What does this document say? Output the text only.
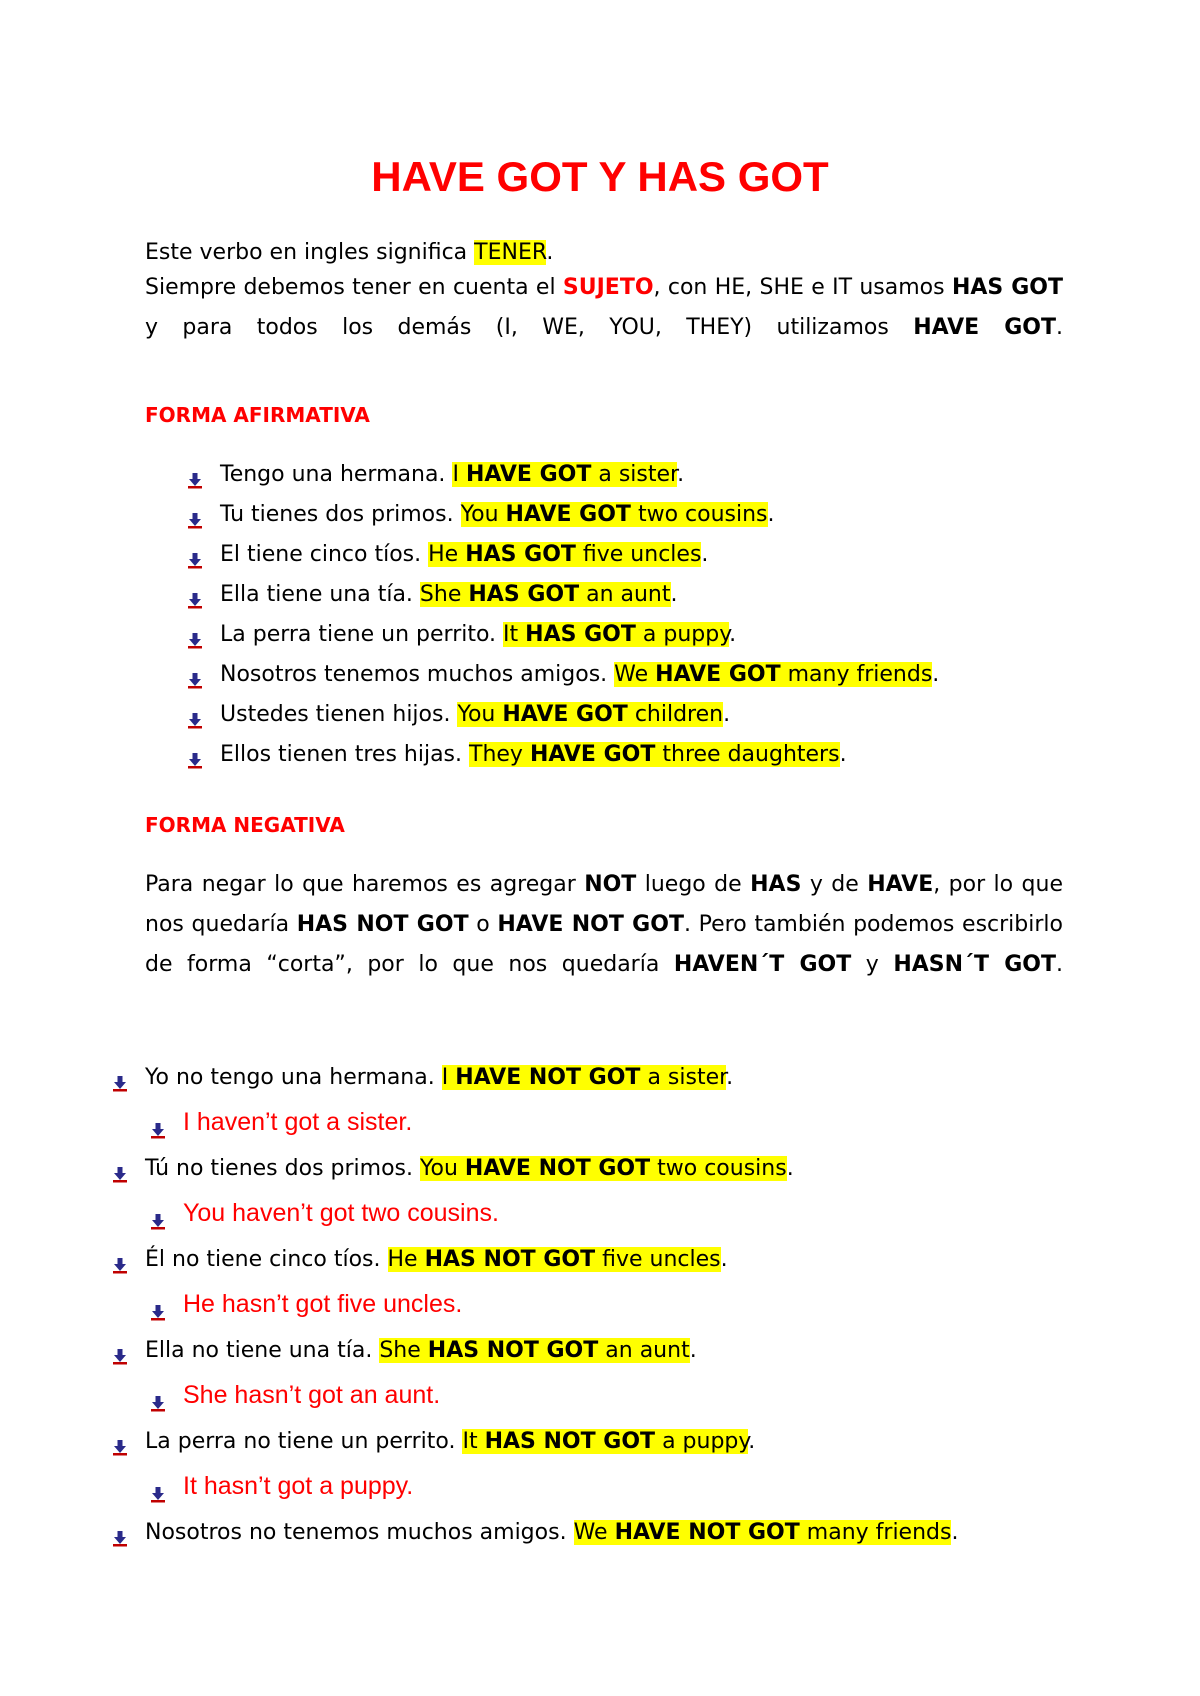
HAVE GOT Y HAS GOT

Este verbo en ingles significa TENER.

Siempre debemos tener en cuenta el SUJETO, con HE, SHE e IT usamos HAS GOT y para todos los demás (I, WE, YOU, THEY) utilizamos HAVE GOT.

FORMA AFIRMATIVA
Tengo una hermana. I HAVE GOT a sister.
Tu tienes dos primos. You HAVE GOT two cousins.
El tiene cinco tíos. He HAS GOT five uncles.
Ella tiene una tía. She HAS GOT an aunt.
La perra tiene un perrito. It HAS GOT a puppy.
Nosotros tenemos muchos amigos. We HAVE GOT many friends.
Ustedes tienen hijos. You HAVE GOT children.
Ellos tienen tres hijas. They HAVE GOT three daughters.
FORMA NEGATIVA

Para negar lo que haremos es agregar NOT luego de HAS y de HAVE, por lo que nos quedaría HAS NOT GOT o HAVE NOT GOT. Pero también podemos escribirlo de forma “corta”, por lo que nos quedaría HAVEN´T GOT y HASN´T GOT.

Yo no tengo una hermana. I HAVE NOT GOT a sister.
I haven’t got a sister.
Tú no tienes dos primos. You HAVE NOT GOT two cousins.
You haven’t got two cousins.
Él no tiene cinco tíos. He HAS NOT GOT five uncles.
He hasn’t got five uncles.
Ella no tiene una tía. She HAS NOT GOT an aunt.
She hasn’t got an aunt.
La perra no tiene un perrito. It HAS NOT GOT a puppy.
It hasn’t got a puppy.
Nosotros no tenemos muchos amigos. We HAVE NOT GOT many friends.
